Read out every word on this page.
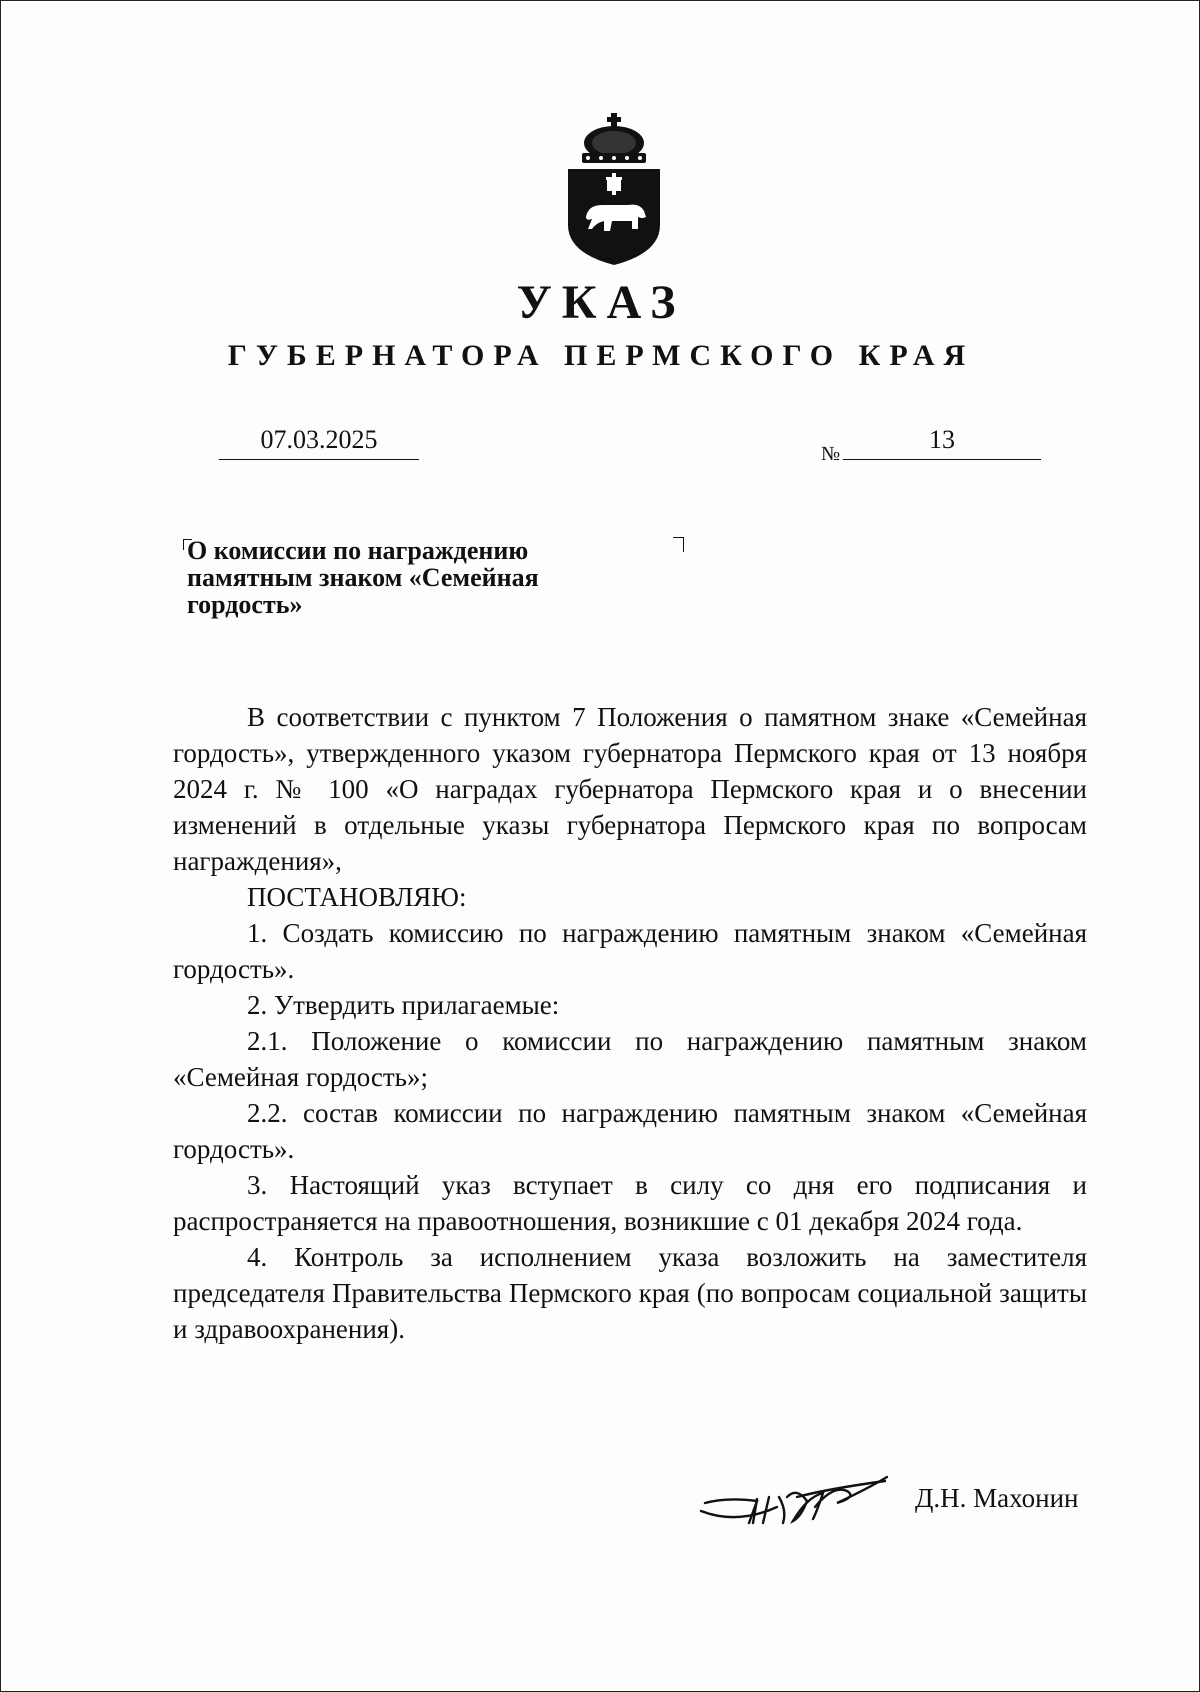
УКАЗ
ГУБЕРНАТОРА ПЕРМСКОГО КРАЯ
07.03.2025	№	13
О комиссии по награждению
памятным знаком «Семейная
гордость»

В соответствии с пунктом 7 Положения о памятном знаке «Семейная гордость», утвержденного указом губернатора Пермского края от 13 ноября 2024 г. № 100 «О наградах губернатора Пермского края и о внесении изменений в отдельные указы губернатора Пермского края по вопросам награждения»,

ПОСТАНОВЛЯЮ:

1. Создать комиссию по награждению памятным знаком «Семейная гордость».

2. Утвердить прилагаемые:

2.1. Положение о комиссии по награждению памятным знаком «Семейная гордость»;

2.2. состав комиссии по награждению памятным знаком «Семейная гордость».

3. Настоящий указ вступает в силу со дня его подписания и распространяется на правоотношения, возникшие с 01 декабря 2024 года.

4. Контроль за исполнением указа возложить на заместителя председателя Правительства Пермского края (по вопросам социальной защиты и здравоохранения).

Д.Н. Махонин
